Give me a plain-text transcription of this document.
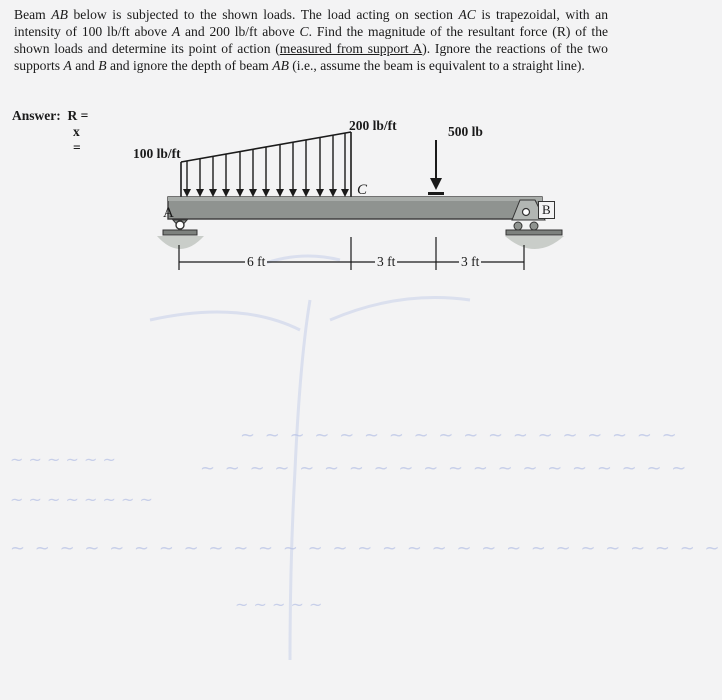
Beam AB below is subjected to the shown loads. The load acting on section AC is trapezoidal, with an intensity of 100 lb/ft above A and 200 lb/ft above C. Find the magnitude of the resultant force (R) of the shown loads and determine its point of action (measured from support A). Ignore the reactions of the two supports A and B and ignore the depth of beam AB (i.e., assume the beam is equivalent to a straight line).
Answer: R =
x =	100 lb/ft
200 lb/ft	500 lb
A
C
B
6 ft	3 ft	3 ft
~ ~ ~ ~ ~ ~ ~ ~ ~ ~ ~ ~ ~ ~ ~ ~ ~ ~
~ ~ ~ ~ ~ ~ ~ ~ ~ ~ ~ ~ ~ ~ ~ ~ ~ ~ ~ ~
~ ~ ~ ~ ~ ~
~ ~ ~ ~ ~ ~ ~ ~
~ ~ ~ ~ ~ ~ ~ ~ ~ ~ ~ ~ ~ ~ ~ ~ ~ ~ ~ ~ ~ ~ ~ ~ ~ ~ ~ ~ ~
~ ~ ~ ~ ~
